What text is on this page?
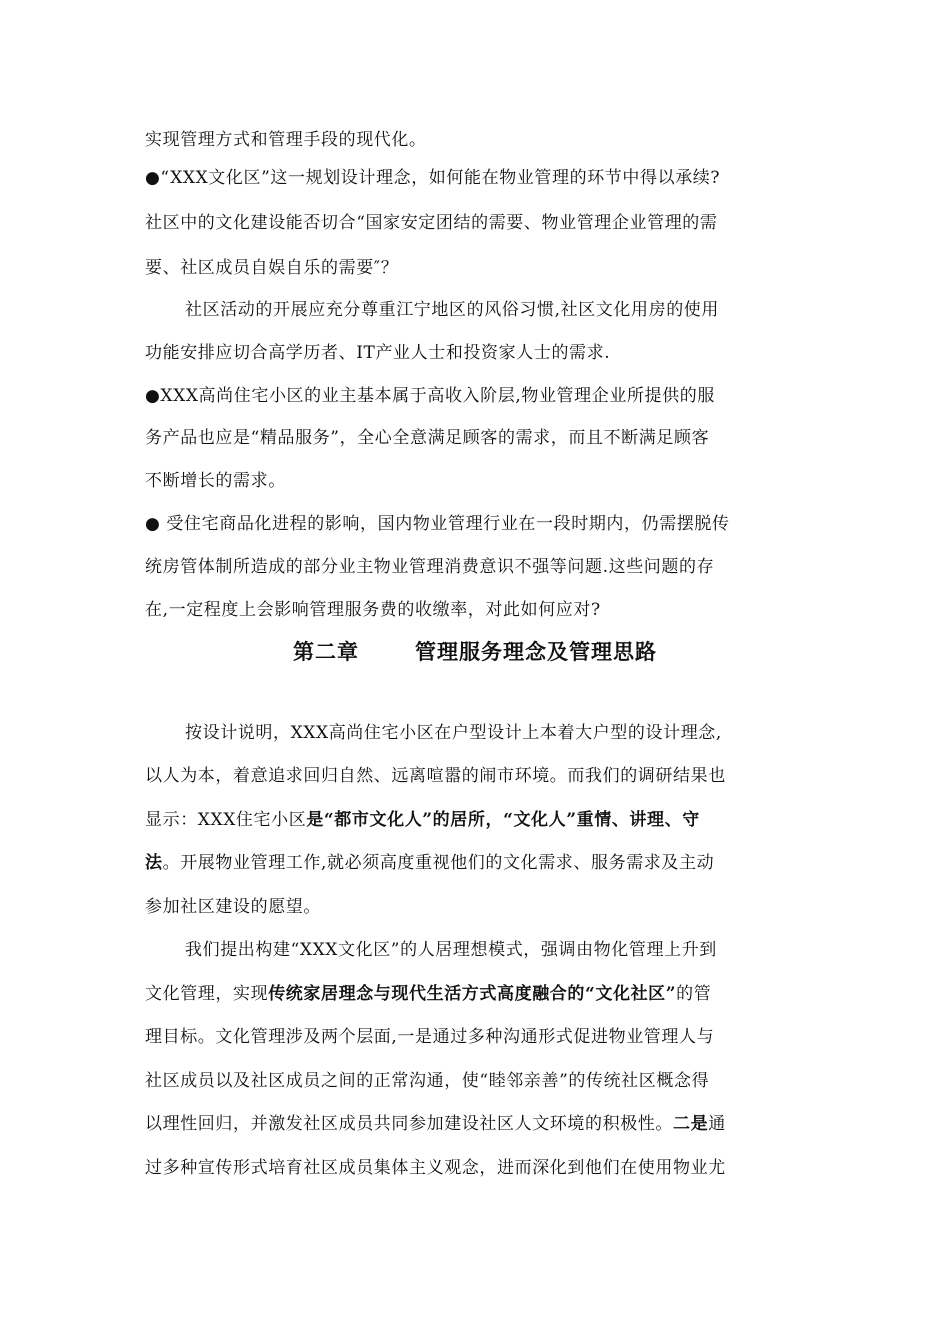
实现管理方式和管理手段的现代化。
●“XXX文化区”这一规划设计理念，如何能在物业管理的环节中得以承续?
社区中的文化建设能否切合“国家安定团结的需要、物业管理企业管理的需
要、社区成员自娱自乐的需要″？
社区活动的开展应充分尊重江宁地区的风俗习惯,社区文化用房的使用
功能安排应切合高学历者、IT产业人士和投资家人士的需求.
●XXX高尚住宅小区的业主基本属于高收入阶层,物业管理企业所提供的服
务产品也应是“精品服务”，全心全意满足顾客的需求，而且不断满足顾客
不断增长的需求。
● 受住宅商品化进程的影响，国内物业管理行业在一段时期内，仍需摆脱传
统房管体制所造成的部分业主物业管理消费意识不强等问题.这些问题的存
在,一定程度上会影响管理服务费的收缴率，对此如何应对?
第二章	管理服务理念及管理思路
按设计说明，XXX高尚住宅小区在户型设计上本着大户型的设计理念,
以人为本，着意追求回归自然、远离喧嚣的闹市环境。而我们的调研结果也
显示：XXX住宅小区是“都市文化人”的居所，“文化人”重情、讲理、守
法。开展物业管理工作,就必须高度重视他们的文化需求、服务需求及主动
参加社区建设的愿望。
我们提出构建“XXX文化区”的人居理想模式，强调由物化管理上升到
文化管理，实现传统家居理念与现代生活方式高度融合的“文化社区”的管
理目标。文化管理涉及两个层面,一是通过多种沟通形式促进物业管理人与
社区成员以及社区成员之间的正常沟通，使“睦邻亲善”的传统社区概念得
以理性回归，并激发社区成员共同参加建设社区人文环境的积极性。二是通
过多种宣传形式培育社区成员集体主义观念，进而深化到他们在使用物业尤
